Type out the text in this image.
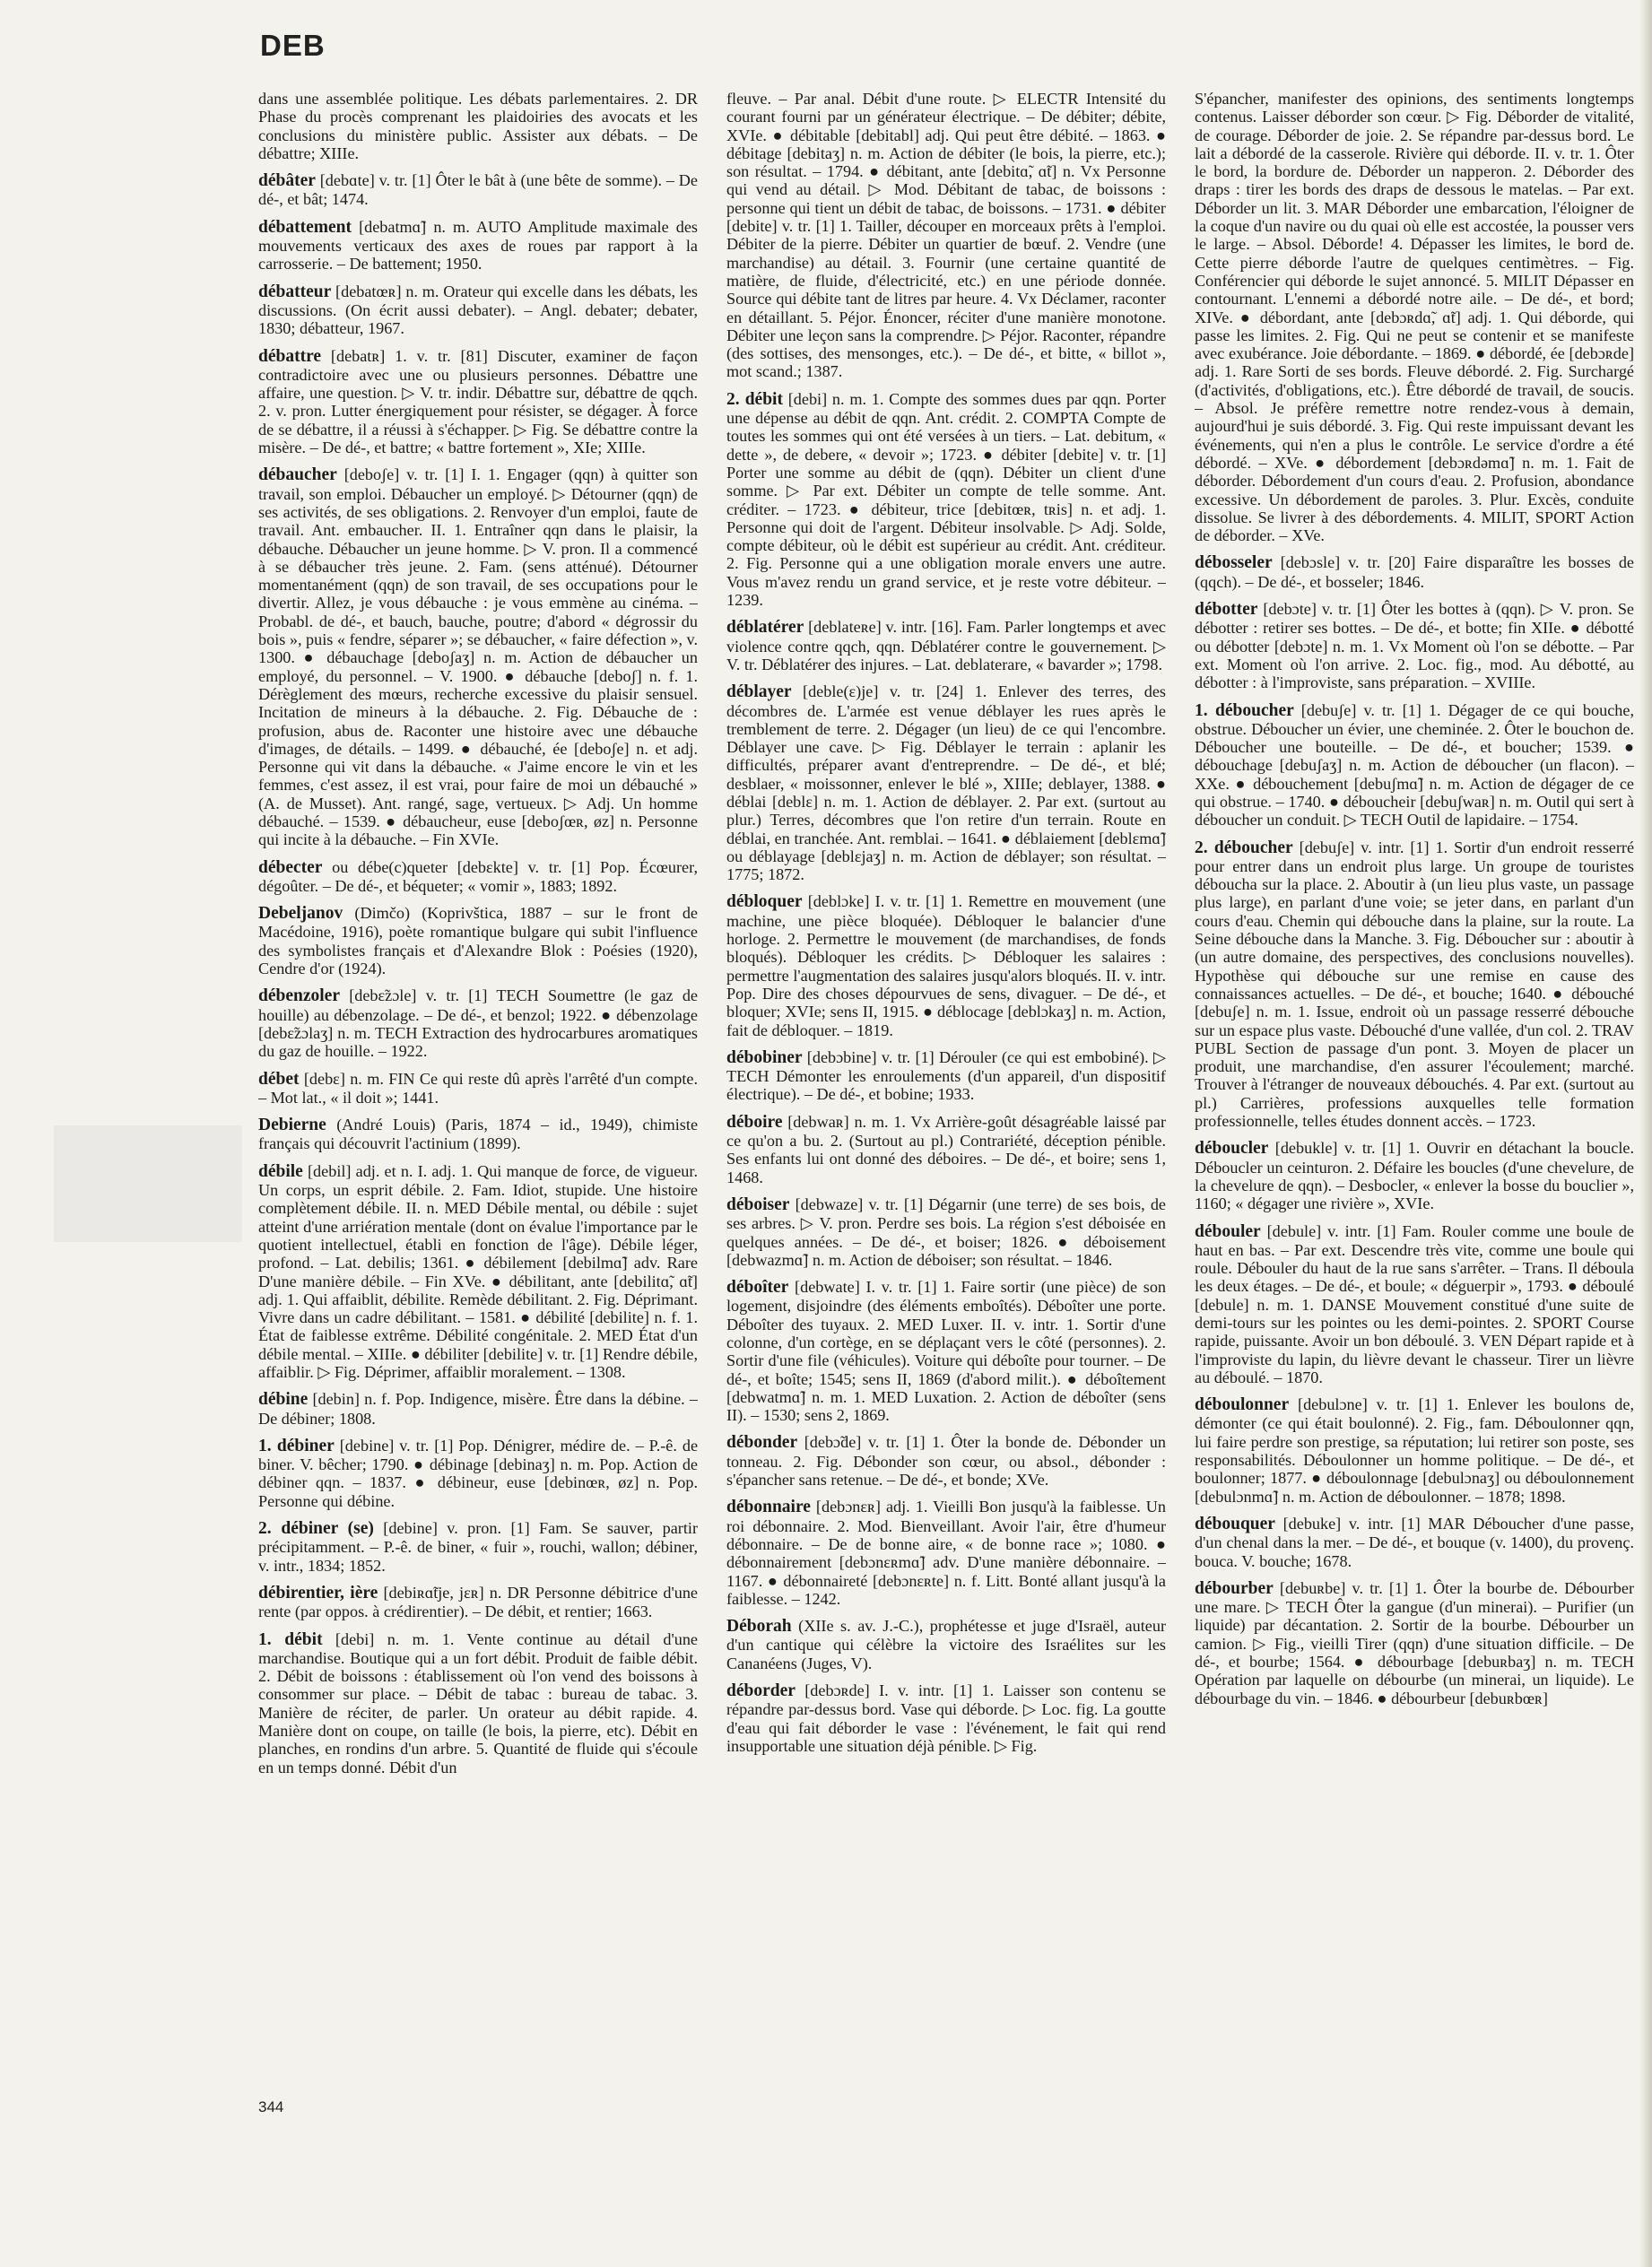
DEB

dans une assemblée politique. Les débats parlementaires. 2. DR Phase du procès comprenant les plaidoiries des avocats et les conclusions du ministère public. Assister aux débats. – De débattre; XIIIe.

débâter [debɑte] v. tr. [1] Ôter le bât à (une bête de somme). – De dé-, et bât; 1474.

débattement [debatmɑ̃] n. m. AUTO Amplitude maximale des mouvements verticaux des axes de roues par rapport à la carrosserie. – De battement; 1950.

débatteur [debatœʀ] n. m. Orateur qui excelle dans les débats, les discussions. (On écrit aussi debater). – Angl. debater; debater, 1830; débatteur, 1967.

débattre [debatʀ] 1. v. tr. [81] Discuter, examiner de façon contradictoire avec une ou plusieurs personnes. Débattre une affaire, une question. ▷ V. tr. indir. Débattre sur, débattre de qqch. 2. v. pron. Lutter énergiquement pour résister, se dégager. À force de se débattre, il a réussi à s'échapper. ▷ Fig. Se débattre contre la misère. – De dé-, et battre; « battre fortement », XIe; XIIIe.

débaucher [deboʃe] v. tr. [1] I. 1. Engager (qqn) à quitter son travail, son emploi. Débaucher un employé. ▷ Détourner (qqn) de ses activités, de ses obligations. 2. Renvoyer d'un emploi, faute de travail. Ant. embaucher. II. 1. Entraîner qqn dans le plaisir, la débauche. Débaucher un jeune homme. ▷ V. pron. Il a commencé à se débaucher très jeune. 2. Fam. (sens atténué). Détourner momentanément (qqn) de son travail, de ses occupations pour le divertir. Allez, je vous débauche : je vous emmène au cinéma. – Probabl. de dé-, et bauch, bauche, poutre; d'abord « dégrossir du bois », puis « fendre, séparer »; se débaucher, « faire défection », v. 1300. ● débauchage [deboʃaʒ] n. m. Action de débaucher un employé, du personnel. – V. 1900. ● débauche [deboʃ] n. f. 1. Dérèglement des mœurs, recherche excessive du plaisir sensuel. Incitation de mineurs à la débauche. 2. Fig. Débauche de : profusion, abus de. Raconter une histoire avec une débauche d'images, de détails. – 1499. ● débauché, ée [deboʃe] n. et adj. Personne qui vit dans la débauche. « J'aime encore le vin et les femmes, c'est assez, il est vrai, pour faire de moi un débauché » (A. de Musset). Ant. rangé, sage, vertueux. ▷ Adj. Un homme débauché. – 1539. ● débaucheur, euse [deboʃœʀ, øz] n. Personne qui incite à la débauche. – Fin XVIe.

débecter ou débe(c)queter [debɛkte] v. tr. [1] Pop. Écœurer, dégoûter. – De dé-, et béqueter; « vomir », 1883; 1892.

Debeljanov (Dimčo) (Koprivštica, 1887 – sur le front de Macédoine, 1916), poète romantique bulgare qui subit l'influence des symbolistes français et d'Alexandre Blok : Poésies (1920), Cendre d'or (1924).

débenzoler [debɛ̃zɔle] v. tr. [1] TECH Soumettre (le gaz de houille) au débenzolage. – De dé-, et benzol; 1922. ● débenzolage [debɛ̃zɔlaʒ] n. m. TECH Extraction des hydrocarbures aromatiques du gaz de houille. – 1922.

débet [debɛ] n. m. FIN Ce qui reste dû après l'arrêté d'un compte. – Mot lat., « il doit »; 1441.

Debierne (André Louis) (Paris, 1874 – id., 1949), chimiste français qui découvrit l'actinium (1899).

débile [debil] adj. et n. I. adj. 1. Qui manque de force, de vigueur. Un corps, un esprit débile. 2. Fam. Idiot, stupide. Une histoire complètement débile. II. n. MED Débile mental, ou débile : sujet atteint d'une arriération mentale (dont on évalue l'importance par le quotient intellectuel, établi en fonction de l'âge). Débile léger, profond. – Lat. debilis; 1361. ● débilement [debilmɑ̃] adv. Rare D'une manière débile. – Fin XVe. ● débilitant, ante [debilitɑ̃, ɑ̃t] adj. 1. Qui affaiblit, débilite. Remède débilitant. 2. Fig. Déprimant. Vivre dans un cadre débilitant. – 1581. ● débilité [debilite] n. f. 1. État de faiblesse extrême. Débilité congénitale. 2. MED État d'un débile mental. – XIIIe. ● débiliter [debilite] v. tr. [1] Rendre débile, affaiblir. ▷ Fig. Déprimer, affaiblir moralement. – 1308.

débine [debin] n. f. Pop. Indigence, misère. Être dans la débine. – De débiner; 1808.

1. débiner [debine] v. tr. [1] Pop. Dénigrer, médire de. – P.-ê. de biner. V. bêcher; 1790. ● débinage [debinaʒ] n. m. Pop. Action de débiner qqn. – 1837. ● débineur, euse [debinœʀ, øz] n. Pop. Personne qui débine.

2. débiner (se) [debine] v. pron. [1] Fam. Se sauver, partir précipitamment. – P.-ê. de biner, « fuir », rouchi, wallon; débiner, v. intr., 1834; 1852.

débirentier, ière [debiʀɑ̃tje, jɛʀ] n. DR Personne débitrice d'une rente (par oppos. à crédirentier). – De débit, et rentier; 1663.

1. débit [debi] n. m. 1. Vente continue au détail d'une marchandise. Boutique qui a un fort débit. Produit de faible débit. 2. Débit de boissons : établissement où l'on vend des boissons à consommer sur place. – Débit de tabac : bureau de tabac. 3. Manière de réciter, de parler. Un orateur au débit rapide. 4. Manière dont on coupe, on taille (le bois, la pierre, etc). Débit en planches, en rondins d'un arbre. 5. Quantité de fluide qui s'écoule en un temps donné. Débit d'un

fleuve. – Par anal. Débit d'une route. ▷ ELECTR Intensité du courant fourni par un générateur électrique. – De débiter; débite, XVIe. ● débitable [debitabl] adj. Qui peut être débité. – 1863. ● débitage [debitaʒ] n. m. Action de débiter (le bois, la pierre, etc.); son résultat. – 1794. ● débitant, ante [debitɑ̃, ɑ̃t] n. Vx Personne qui vend au détail. ▷ Mod. Débitant de tabac, de boissons : personne qui tient un débit de tabac, de boissons. – 1731. ● débiter [debite] v. tr. [1] 1. Tailler, découper en morceaux prêts à l'emploi. Débiter de la pierre. Débiter un quartier de bœuf. 2. Vendre (une marchandise) au détail. 3. Fournir (une certaine quantité de matière, de fluide, d'électricité, etc.) en une période donnée. Source qui débite tant de litres par heure. 4. Vx Déclamer, raconter en détaillant. 5. Péjor. Énoncer, réciter d'une manière monotone. Débiter une leçon sans la comprendre. ▷ Péjor. Raconter, répandre (des sottises, des mensonges, etc.). – De dé-, et bitte, « billot », mot scand.; 1387.

2. débit [debi] n. m. 1. Compte des sommes dues par qqn. Porter une dépense au débit de qqn. Ant. crédit. 2. COMPTA Compte de toutes les sommes qui ont été versées à un tiers. – Lat. debitum, « dette », de debere, « devoir »; 1723. ● débiter [debite] v. tr. [1] Porter une somme au débit de (qqn). Débiter un client d'une somme. ▷ Par ext. Débiter un compte de telle somme. Ant. créditer. – 1723. ● débiteur, trice [debitœʀ, tʀis] n. et adj. 1. Personne qui doit de l'argent. Débiteur insolvable. ▷ Adj. Solde, compte débiteur, où le débit est supérieur au crédit. Ant. créditeur. 2. Fig. Personne qui a une obligation morale envers une autre. Vous m'avez rendu un grand service, et je reste votre débiteur. – 1239.

déblatérer [deblateʀe] v. intr. [16]. Fam. Parler longtemps et avec violence contre qqch, qqn. Déblatérer contre le gouvernement. ▷ V. tr. Déblatérer des injures. – Lat. deblaterare, « bavarder »; 1798.

déblayer [deble(ɛ)je] v. tr. [24] 1. Enlever des terres, des décombres de. L'armée est venue déblayer les rues après le tremblement de terre. 2. Dégager (un lieu) de ce qui l'encombre. Déblayer une cave. ▷ Fig. Déblayer le terrain : aplanir les difficultés, préparer avant d'entreprendre. – De dé-, et blé; desblaer, « moissonner, enlever le blé », XIIIe; deblayer, 1388. ● déblai [deblɛ] n. m. 1. Action de déblayer. 2. Par ext. (surtout au plur.) Terres, décombres que l'on retire d'un terrain. Route en déblai, en tranchée. Ant. remblai. – 1641. ● déblaiement [deblɛmɑ̃] ou déblayage [deblɛjaʒ] n. m. Action de déblayer; son résultat. – 1775; 1872.

débloquer [deblɔke] I. v. tr. [1] 1. Remettre en mouvement (une machine, une pièce bloquée). Débloquer le balancier d'une horloge. 2. Permettre le mouvement (de marchandises, de fonds bloqués). Débloquer les crédits. ▷ Débloquer les salaires : permettre l'augmentation des salaires jusqu'alors bloqués. II. v. intr. Pop. Dire des choses dépourvues de sens, divaguer. – De dé-, et bloquer; XVIe; sens II, 1915. ● déblocage [deblɔkaʒ] n. m. Action, fait de débloquer. – 1819.

débobiner [debɔbine] v. tr. [1] Dérouler (ce qui est embobiné). ▷ TECH Démonter les enroulements (d'un appareil, d'un dispositif électrique). – De dé-, et bobine; 1933.

déboire [debwaʀ] n. m. 1. Vx Arrière-goût désagréable laissé par ce qu'on a bu. 2. (Surtout au pl.) Contrariété, déception pénible. Ses enfants lui ont donné des déboires. – De dé-, et boire; sens 1, 1468.

déboiser [debwaze] v. tr. [1] Dégarnir (une terre) de ses bois, de ses arbres. ▷ V. pron. Perdre ses bois. La région s'est déboisée en quelques années. – De dé-, et boiser; 1826. ● déboisement [debwazmɑ̃] n. m. Action de déboiser; son résultat. – 1846.

déboîter [debwate] I. v. tr. [1] 1. Faire sortir (une pièce) de son logement, disjoindre (des éléments emboîtés). Déboîter une porte. Déboîter des tuyaux. 2. MED Luxer. II. v. intr. 1. Sortir d'une colonne, d'un cortège, en se déplaçant vers le côté (personnes). 2. Sortir d'une file (véhicules). Voiture qui déboîte pour tourner. – De dé-, et boîte; 1545; sens II, 1869 (d'abord milit.). ● déboîtement [debwatmɑ̃] n. m. 1. MED Luxation. 2. Action de déboîter (sens II). – 1530; sens 2, 1869.

débonder [debɔ̃de] v. tr. [1] 1. Ôter la bonde de. Débonder un tonneau. 2. Fig. Débonder son cœur, ou absol., débonder : s'épancher sans retenue. – De dé-, et bonde; XVe.

débonnaire [debɔnɛʀ] adj. 1. Vieilli Bon jusqu'à la faiblesse. Un roi débonnaire. 2. Mod. Bienveillant. Avoir l'air, être d'humeur débonnaire. – De de bonne aire, « de bonne race »; 1080. ● débonnairement [debɔnɛʀmɑ̃] adv. D'une manière débonnaire. – 1167. ● débonnaireté [debɔnɛʀte] n. f. Litt. Bonté allant jusqu'à la faiblesse. – 1242.

Déborah (XIIe s. av. J.-C.), prophétesse et juge d'Israël, auteur d'un cantique qui célèbre la victoire des Israélites sur les Cananéens (Juges, V).

déborder [debɔʀde] I. v. intr. [1] 1. Laisser son contenu se répandre par-dessus bord. Vase qui déborde. ▷ Loc. fig. La goutte d'eau qui fait déborder le vase : l'événement, le fait qui rend insupportable une situation déjà pénible. ▷ Fig.

S'épancher, manifester des opinions, des sentiments longtemps contenus. Laisser déborder son cœur. ▷ Fig. Déborder de vitalité, de courage. Déborder de joie. 2. Se répandre par-dessus bord. Le lait a débordé de la casserole. Rivière qui déborde. II. v. tr. 1. Ôter le bord, la bordure de. Déborder un napperon. 2. Déborder des draps : tirer les bords des draps de dessous le matelas. – Par ext. Déborder un lit. 3. MAR Déborder une embarcation, l'éloigner de la coque d'un navire ou du quai où elle est accostée, la pousser vers le large. – Absol. Déborde! 4. Dépasser les limites, le bord de. Cette pierre déborde l'autre de quelques centimètres. – Fig. Conférencier qui déborde le sujet annoncé. 5. MILIT Dépasser en contournant. L'ennemi a débordé notre aile. – De dé-, et bord; XIVe. ● débordant, ante [debɔʀdɑ̃, ɑ̃t] adj. 1. Qui déborde, qui passe les limites. 2. Fig. Qui ne peut se contenir et se manifeste avec exubérance. Joie débordante. – 1869. ● débordé, ée [debɔʀde] adj. 1. Rare Sorti de ses bords. Fleuve débordé. 2. Fig. Surchargé (d'activités, d'obligations, etc.). Être débordé de travail, de soucis. – Absol. Je préfère remettre notre rendez-vous à demain, aujourd'hui je suis débordé. 3. Fig. Qui reste impuissant devant les événements, qui n'en a plus le contrôle. Le service d'ordre a été débordé. – XVe. ● débordement [debɔʀdəmɑ̃] n. m. 1. Fait de déborder. Débordement d'un cours d'eau. 2. Profusion, abondance excessive. Un débordement de paroles. 3. Plur. Excès, conduite dissolue. Se livrer à des débordements. 4. MILIT, SPORT Action de déborder. – XVe.

débosseler [debɔsle] v. tr. [20] Faire disparaître les bosses de (qqch). – De dé-, et bosseler; 1846.

débotter [debɔte] v. tr. [1] Ôter les bottes à (qqn). ▷ V. pron. Se débotter : retirer ses bottes. – De dé-, et botte; fin XIIe. ● débotté ou débotter [debɔte] n. m. 1. Vx Moment où l'on se débotte. – Par ext. Moment où l'on arrive. 2. Loc. fig., mod. Au débotté, au débotter : à l'improviste, sans préparation. – XVIIIe.

1. déboucher [debuʃe] v. tr. [1] 1. Dégager de ce qui bouche, obstrue. Déboucher un évier, une cheminée. 2. Ôter le bouchon de. Déboucher une bouteille. – De dé-, et boucher; 1539. ● débouchage [debuʃaʒ] n. m. Action de déboucher (un flacon). – XXe. ● débouchement [debuʃmɑ̃] n. m. Action de dégager de ce qui obstrue. – 1740. ● déboucheir [debuʃwaʀ] n. m. Outil qui sert à déboucher un conduit. ▷ TECH Outil de lapidaire. – 1754.

2. déboucher [debuʃe] v. intr. [1] 1. Sortir d'un endroit resserré pour entrer dans un endroit plus large. Un groupe de touristes déboucha sur la place. 2. Aboutir à (un lieu plus vaste, un passage plus large), en parlant d'une voie; se jeter dans, en parlant d'un cours d'eau. Chemin qui débouche dans la plaine, sur la route. La Seine débouche dans la Manche. 3. Fig. Déboucher sur : aboutir à (un autre domaine, des perspectives, des conclusions nouvelles). Hypothèse qui débouche sur une remise en cause des connaissances actuelles. – De dé-, et bouche; 1640. ● débouché [debuʃe] n. m. 1. Issue, endroit où un passage resserré débouche sur un espace plus vaste. Débouché d'une vallée, d'un col. 2. TRAV PUBL Section de passage d'un pont. 3. Moyen de placer un produit, une marchandise, d'en assurer l'écoulement; marché. Trouver à l'étranger de nouveaux débouchés. 4. Par ext. (surtout au pl.) Carrières, professions auxquelles telle formation professionnelle, telles études donnent accès. – 1723.

déboucler [debukle] v. tr. [1] 1. Ouvrir en détachant la boucle. Déboucler un ceinturon. 2. Défaire les boucles (d'une chevelure, de la chevelure de qqn). – Desbocler, « enlever la bosse du bouclier », 1160; « dégager une rivière », XVIe.

débouler [debule] v. intr. [1] Fam. Rouler comme une boule de haut en bas. – Par ext. Descendre très vite, comme une boule qui roule. Débouler du haut de la rue sans s'arrêter. – Trans. Il déboula les deux étages. – De dé-, et boule; « déguerpir », 1793. ● déboulé [debule] n. m. 1. DANSE Mouvement constitué d'une suite de demi-tours sur les pointes ou les demi-pointes. 2. SPORT Course rapide, puissante. Avoir un bon déboulé. 3. VEN Départ rapide et à l'improviste du lapin, du lièvre devant le chasseur. Tirer un lièvre au déboulé. – 1870.

déboulonner [debulɔne] v. tr. [1] 1. Enlever les boulons de, démonter (ce qui était boulonné). 2. Fig., fam. Déboulonner qqn, lui faire perdre son prestige, sa réputation; lui retirer son poste, ses responsabilités. Déboulonner un homme politique. – De dé-, et boulonner; 1877. ● déboulonnage [debulɔnaʒ] ou déboulonnement [debulɔnmɑ̃] n. m. Action de déboulonner. – 1878; 1898.

débouquer [debuke] v. intr. [1] MAR Déboucher d'une passe, d'un chenal dans la mer. – De dé-, et bouque (v. 1400), du provenç. bouca. V. bouche; 1678.

débourber [debuʀbe] v. tr. [1] 1. Ôter la bourbe de. Débourber une mare. ▷ TECH Ôter la gangue (d'un minerai). – Purifier (un liquide) par décantation. 2. Sortir de la bourbe. Débourber un camion. ▷ Fig., vieilli Tirer (qqn) d'une situation difficile. – De dé-, et bourbe; 1564. ● débourbage [debuʀbaʒ] n. m. TECH Opération par laquelle on débourbe (un minerai, un liquide). Le débourbage du vin. – 1846. ● débourbeur [debuʀbœʀ]

344
